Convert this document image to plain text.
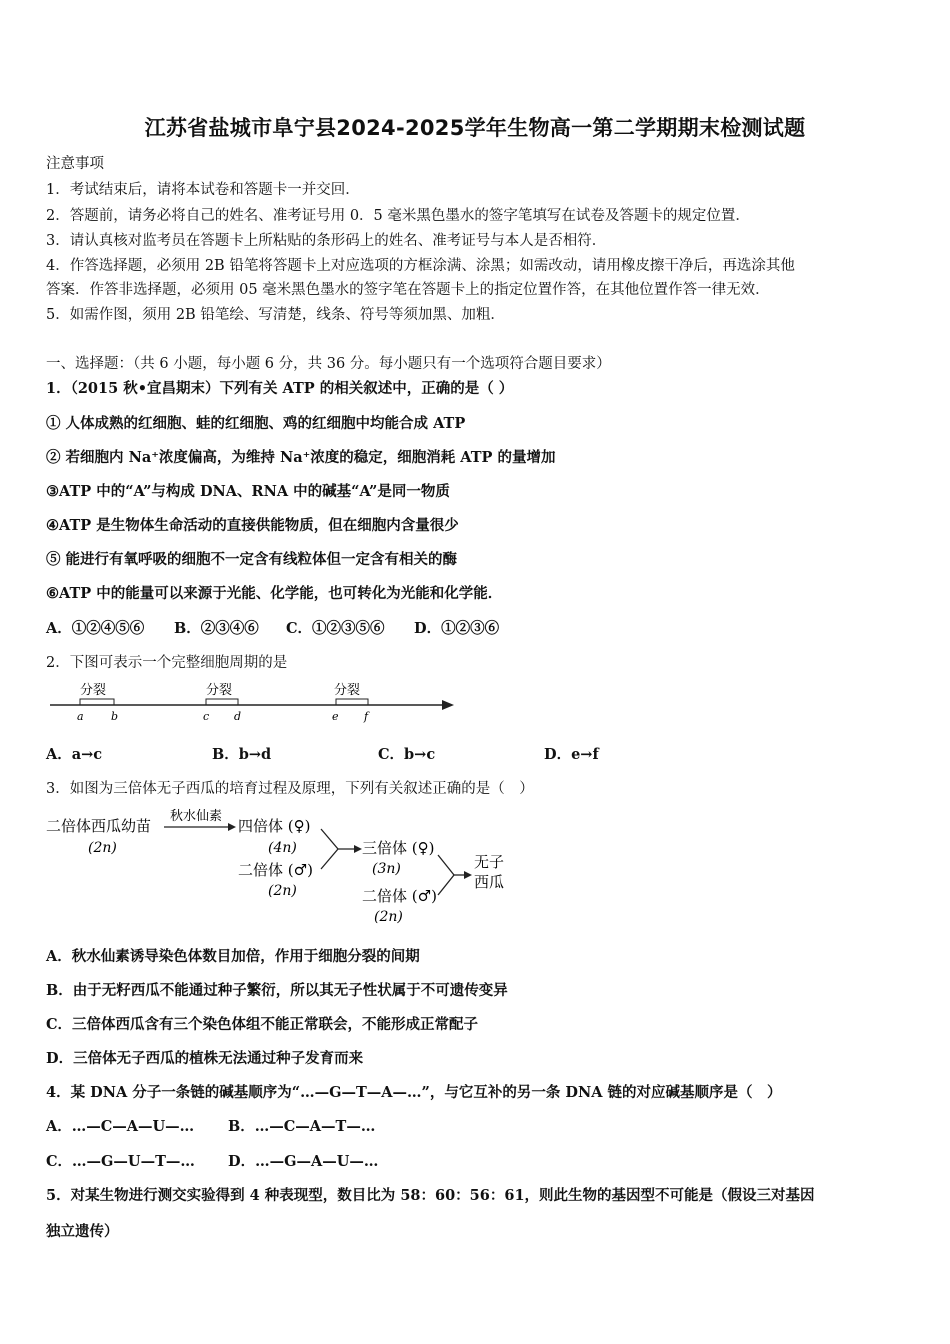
江苏省盐城市阜宁县2024-2025学年生物高一第二学期期末检测试题
注意事项
1．考试结束后，请将本试卷和答题卡一并交回．
2．答题前，请务必将自己的姓名、准考证号用 0．5 毫米黑色墨水的签字笔填写在试卷及答题卡的规定位置．
3．请认真核对监考员在答题卡上所粘贴的条形码上的姓名、准考证号与本人是否相符．
4．作答选择题，必须用 2B 铅笔将答题卡上对应选项的方框涂满、涂黑；如需改动，请用橡皮擦干净后，再选涂其他
答案．作答非选择题，必须用 05 毫米黑色墨水的签字笔在答题卡上的指定位置作答，在其他位置作答一律无效．
5．如需作图，须用 2B 铅笔绘、写清楚，线条、符号等须加黑、加粗．
一、选择题：（共 6 小题，每小题 6 分，共 36 分。每小题只有一个选项符合题目要求）
1．（2015 秋•宜昌期末）下列有关 ATP 的相关叙述中，正确的是（ ）
① 人体成熟的红细胞、蛙的红细胞、鸡的红细胞中均能合成 ATP
② 若细胞内 Na⁺浓度偏高，为维持 Na⁺浓度的稳定，细胞消耗 ATP 的量增加
③ATP 中的“A”与构成 DNA、RNA 中的碱基“A”是同一物质
④ATP 是生物体生命活动的直接供能物质，但在细胞内含量很少
⑤ 能进行有氧呼吸的细胞不一定含有线粒体但一定含有相关的酶
⑥ATP 中的能量可以来源于光能、化学能，也可转化为光能和化学能．
A．①②④⑤⑥ B．②③④⑥ C．①②③⑤⑥ D．①②③⑥
2．下图可表示一个完整细胞周期的是
分裂	分裂	分裂
a b	c d	e f
A．a→c	B．b→d	C．b→c	D．e→f
3．如图为三倍体无子西瓜的培育过程及原理，下列有关叙述正确的是（　）
二倍体西瓜幼苗
(2n)
秋水仙素
四倍体 (♀)
(4n)
二倍体 (♂)
(2n)
三倍体 (♀)
(3n)
二倍体 (♂)
(2n)
无子
西瓜
A．秋水仙素诱导染色体数目加倍，作用于细胞分裂的间期
B．由于无籽西瓜不能通过种子繁衍，所以其无子性状属于不可遗传变异
C．三倍体西瓜含有三个染色体组不能正常联会，不能形成正常配子
D．三倍体无子西瓜的植株无法通过种子发育而来
4．某 DNA 分子一条链的碱基顺序为“…—G—T—A—…”，与它互补的另一条 DNA 链的对应碱基顺序是（　）
A．…—C—A—U—… B．…—C—A—T—…
C．…—G—U—T—… D．…—G—A—U—…
5．对某生物进行测交实验得到 4 种表现型，数目比为 58：60：56：61，则此生物的基因型不可能是（假设三对基因
独立遗传）
